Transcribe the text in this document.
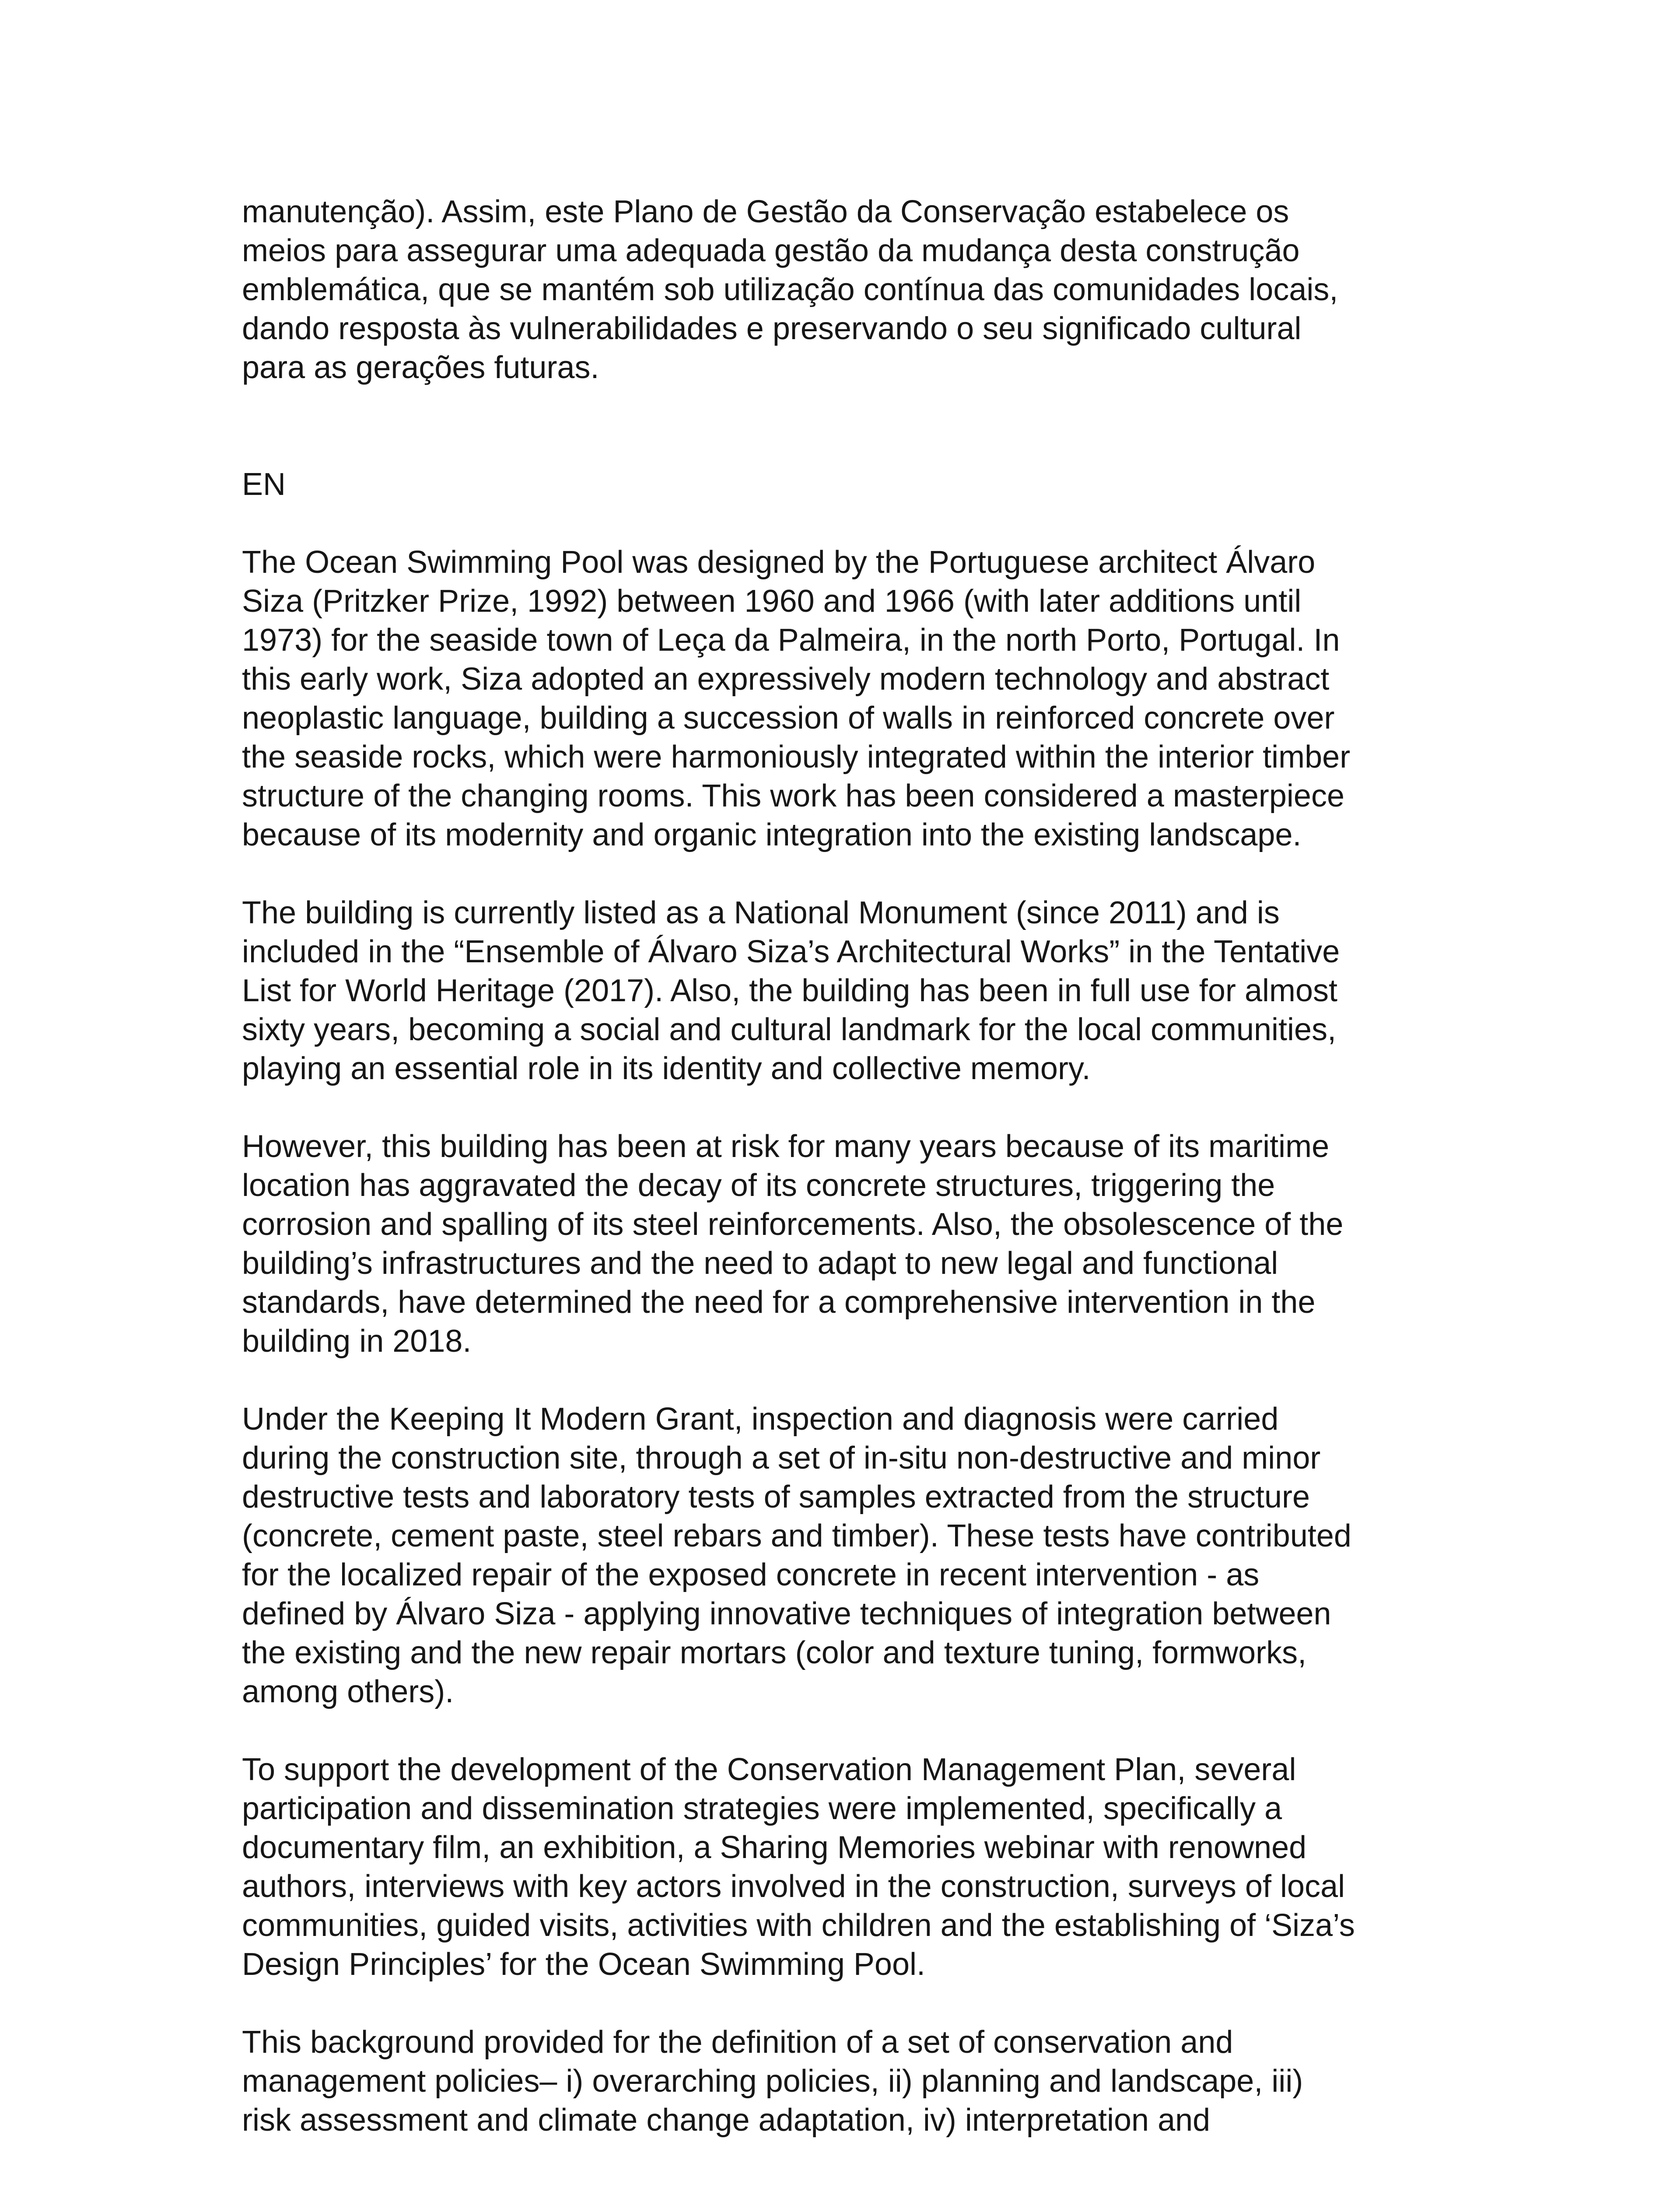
manutenção). Assim, este Plano de Gestão da Conservação estabelece os
meios para assegurar uma adequada gestão da mudança desta construção
emblemática, que se mantém sob utilização contínua das comunidades locais,
dando resposta às vulnerabilidades e preservando o seu significado cultural
para as gerações futuras.

EN

The Ocean Swimming Pool was designed by the Portuguese architect Álvaro
Siza (Pritzker Prize, 1992) between 1960 and 1966 (with later additions until
1973) for the seaside town of Leça da Palmeira, in the north Porto, Portugal. In
this early work, Siza adopted an expressively modern technology and abstract
neoplastic language, building a succession of walls in reinforced concrete over
the seaside rocks, which were harmoniously integrated within the interior timber
structure of the changing rooms. This work has been considered a masterpiece
because of its modernity and organic integration into the existing landscape.

The building is currently listed as a National Monument (since 2011) and is
included in the “Ensemble of Álvaro Siza’s Architectural Works” in the Tentative
List for World Heritage (2017). Also, the building has been in full use for almost
sixty years, becoming a social and cultural landmark for the local communities,
playing an essential role in its identity and collective memory.

However, this building has been at risk for many years because of its maritime
location has aggravated the decay of its concrete structures, triggering the
corrosion and spalling of its steel reinforcements. Also, the obsolescence of the
building’s infrastructures and the need to adapt to new legal and functional
standards, have determined the need for a comprehensive intervention in the
building in 2018.

Under the Keeping It Modern Grant, inspection and diagnosis were carried
during the construction site, through a set of in-situ non-destructive and minor
destructive tests and laboratory tests of samples extracted from the structure
(concrete, cement paste, steel rebars and timber). These tests have contributed
for the localized repair of the exposed concrete in recent intervention - as
defined by Álvaro Siza - applying innovative techniques of integration between
the existing and the new repair mortars (color and texture tuning, formworks,
among others).

To support the development of the Conservation Management Plan, several
participation and dissemination strategies were implemented, specifically a
documentary film, an exhibition, a Sharing Memories webinar with renowned
authors, interviews with key actors involved in the construction, surveys of local
communities, guided visits, activities with children and the establishing of ‘Siza’s
Design Principles’ for the Ocean Swimming Pool.

This background provided for the definition of a set of conservation and
management policies– i) overarching policies, ii) planning and landscape, iii)
risk assessment and climate change adaptation, iv) interpretation and
